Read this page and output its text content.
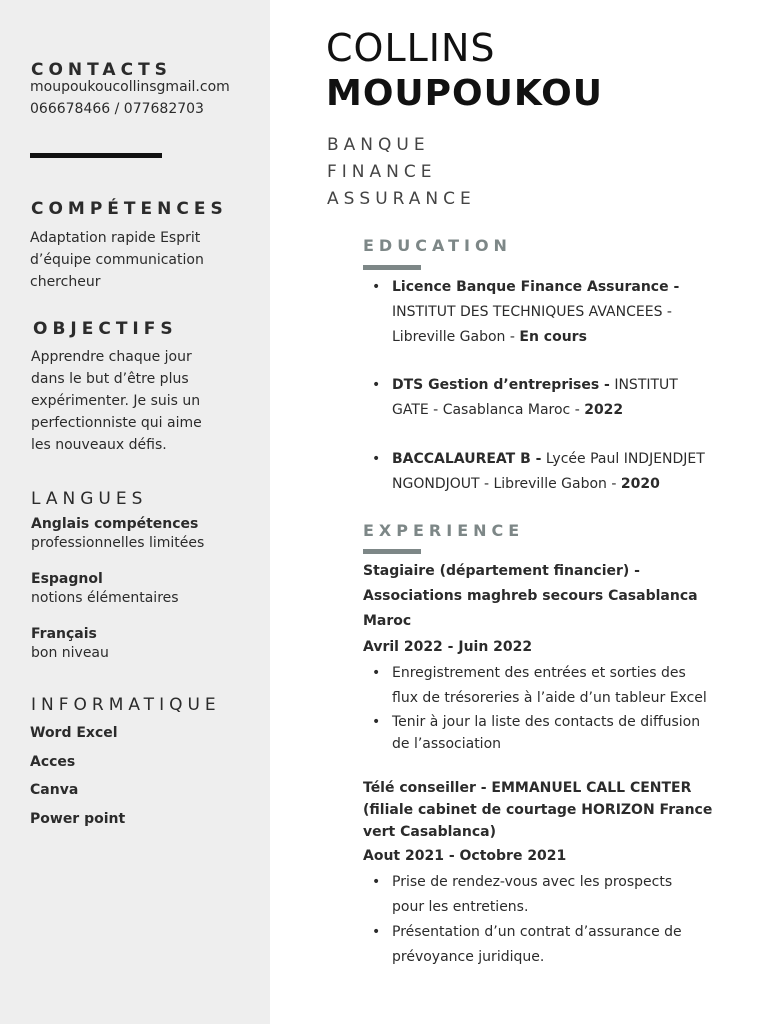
CONTACTS
moupoukoucollinsgmail.com
066678466 / 077682703
COMPÉTENCES
Adaptation rapide Esprit
d’équipe communication
chercheur
OBJECTIFS
Apprendre chaque jour
dans le but d’être plus
expérimenter. Je suis un
perfectionniste qui aime
les nouveaux défis.
LANGUES
Anglais compétences
professionnelles limitées
Espagnol
notions élémentaires
Français
bon niveau
INFORMATIQUE
Word Excel
Acces
Canva
Power point
COLLINS
MOUPOUKOU
BANQUE
FINANCE
ASSURANCE
EDUCATION
• Licence Banque Finance Assurance -
INSTITUT DES TECHNIQUES AVANCEES -
Libreville Gabon - En cours
• DTS Gestion d’entreprises - INSTITUT
GATE - Casablanca Maroc - 2022
• BACCALAUREAT B - Lycée Paul INDJENDJET
NGONDJOUT - Libreville Gabon - 2020
EXPERIENCE
Stagiaire (département financier) -
Associations maghreb secours Casablanca
Maroc
Avril 2022 - Juin 2022
• Enregistrement des entrées et sorties des
flux de trésoreries à l’aide d’un tableur Excel
• Tenir à jour la liste des contacts de diffusion
de l’association
Télé conseiller - EMMANUEL CALL CENTER
(filiale cabinet de courtage HORIZON France
vert Casablanca)
Aout 2021 - Octobre 2021
• Prise de rendez-vous avec les prospects
pour les entretiens.
• Présentation d’un contrat d’assurance de
prévoyance juridique.
